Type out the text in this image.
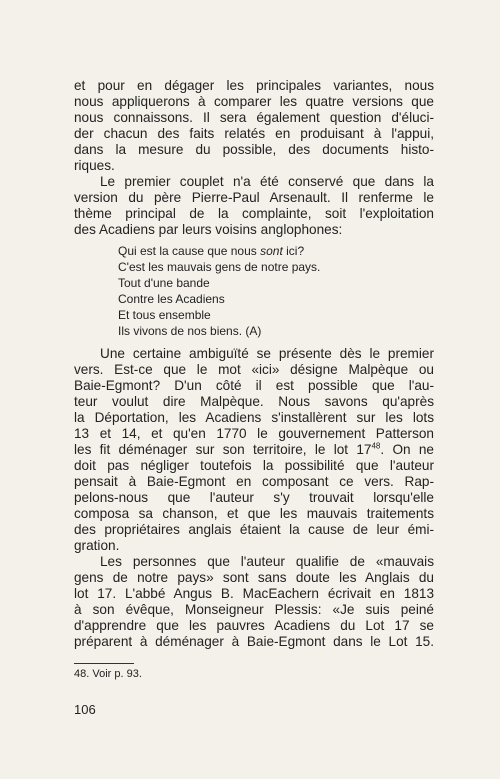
et pour en dégager les principales variantes, nous
nous appliquerons à comparer les quatre versions que
nous connaissons. Il sera également question d'éluci-
der chacun des faits relatés en produisant à l'appui,
dans la mesure du possible, des documents histo-
riques.
Le premier couplet n'a été conservé que dans la
version du père Pierre-Paul Arsenault. Il renferme le
thème principal de la complainte, soit l'exploitation
des Acadiens par leurs voisins anglophones:
Qui est la cause que nous sont ici?
C'est les mauvais gens de notre pays.
Tout d'une bande
Contre les Acadiens
Et tous ensemble
Ils vivons de nos biens. (A)
Une certaine ambiguïté se présente dès le premier
vers. Est-ce que le mot «ici» désigne Malpèque ou
Baie-Egmont? D'un côté il est possible que l'au-
teur voulut dire Malpèque. Nous savons qu'après
la Déportation, les Acadiens s'installèrent sur les lots
13 et 14, et qu'en 1770 le gouvernement Patterson
les fit déménager sur son territoire, le lot $17^{48}$. On ne
doit pas négliger toutefois la possibilité que l'auteur
pensait à Baie-Egmont en composant ce vers. Rap-
pelons-nous que l'auteur s'y trouvait lorsqu'elle
composa sa chanson, et que les mauvais traitements
des propriétaires anglais étaient la cause de leur émi-
gration.
Les personnes que l'auteur qualifie de «mauvais
gens de notre pays» sont sans doute les Anglais du
lot 17. L'abbé Angus B. MacEachern écrivait en 1813
à son évêque, Monseigneur Plessis: «Je suis peiné
d'apprendre que les pauvres Acadiens du Lot 17 se
préparent à déménager à Baie-Egmont dans le Lot 15.
48. Voir p. 93.
106
